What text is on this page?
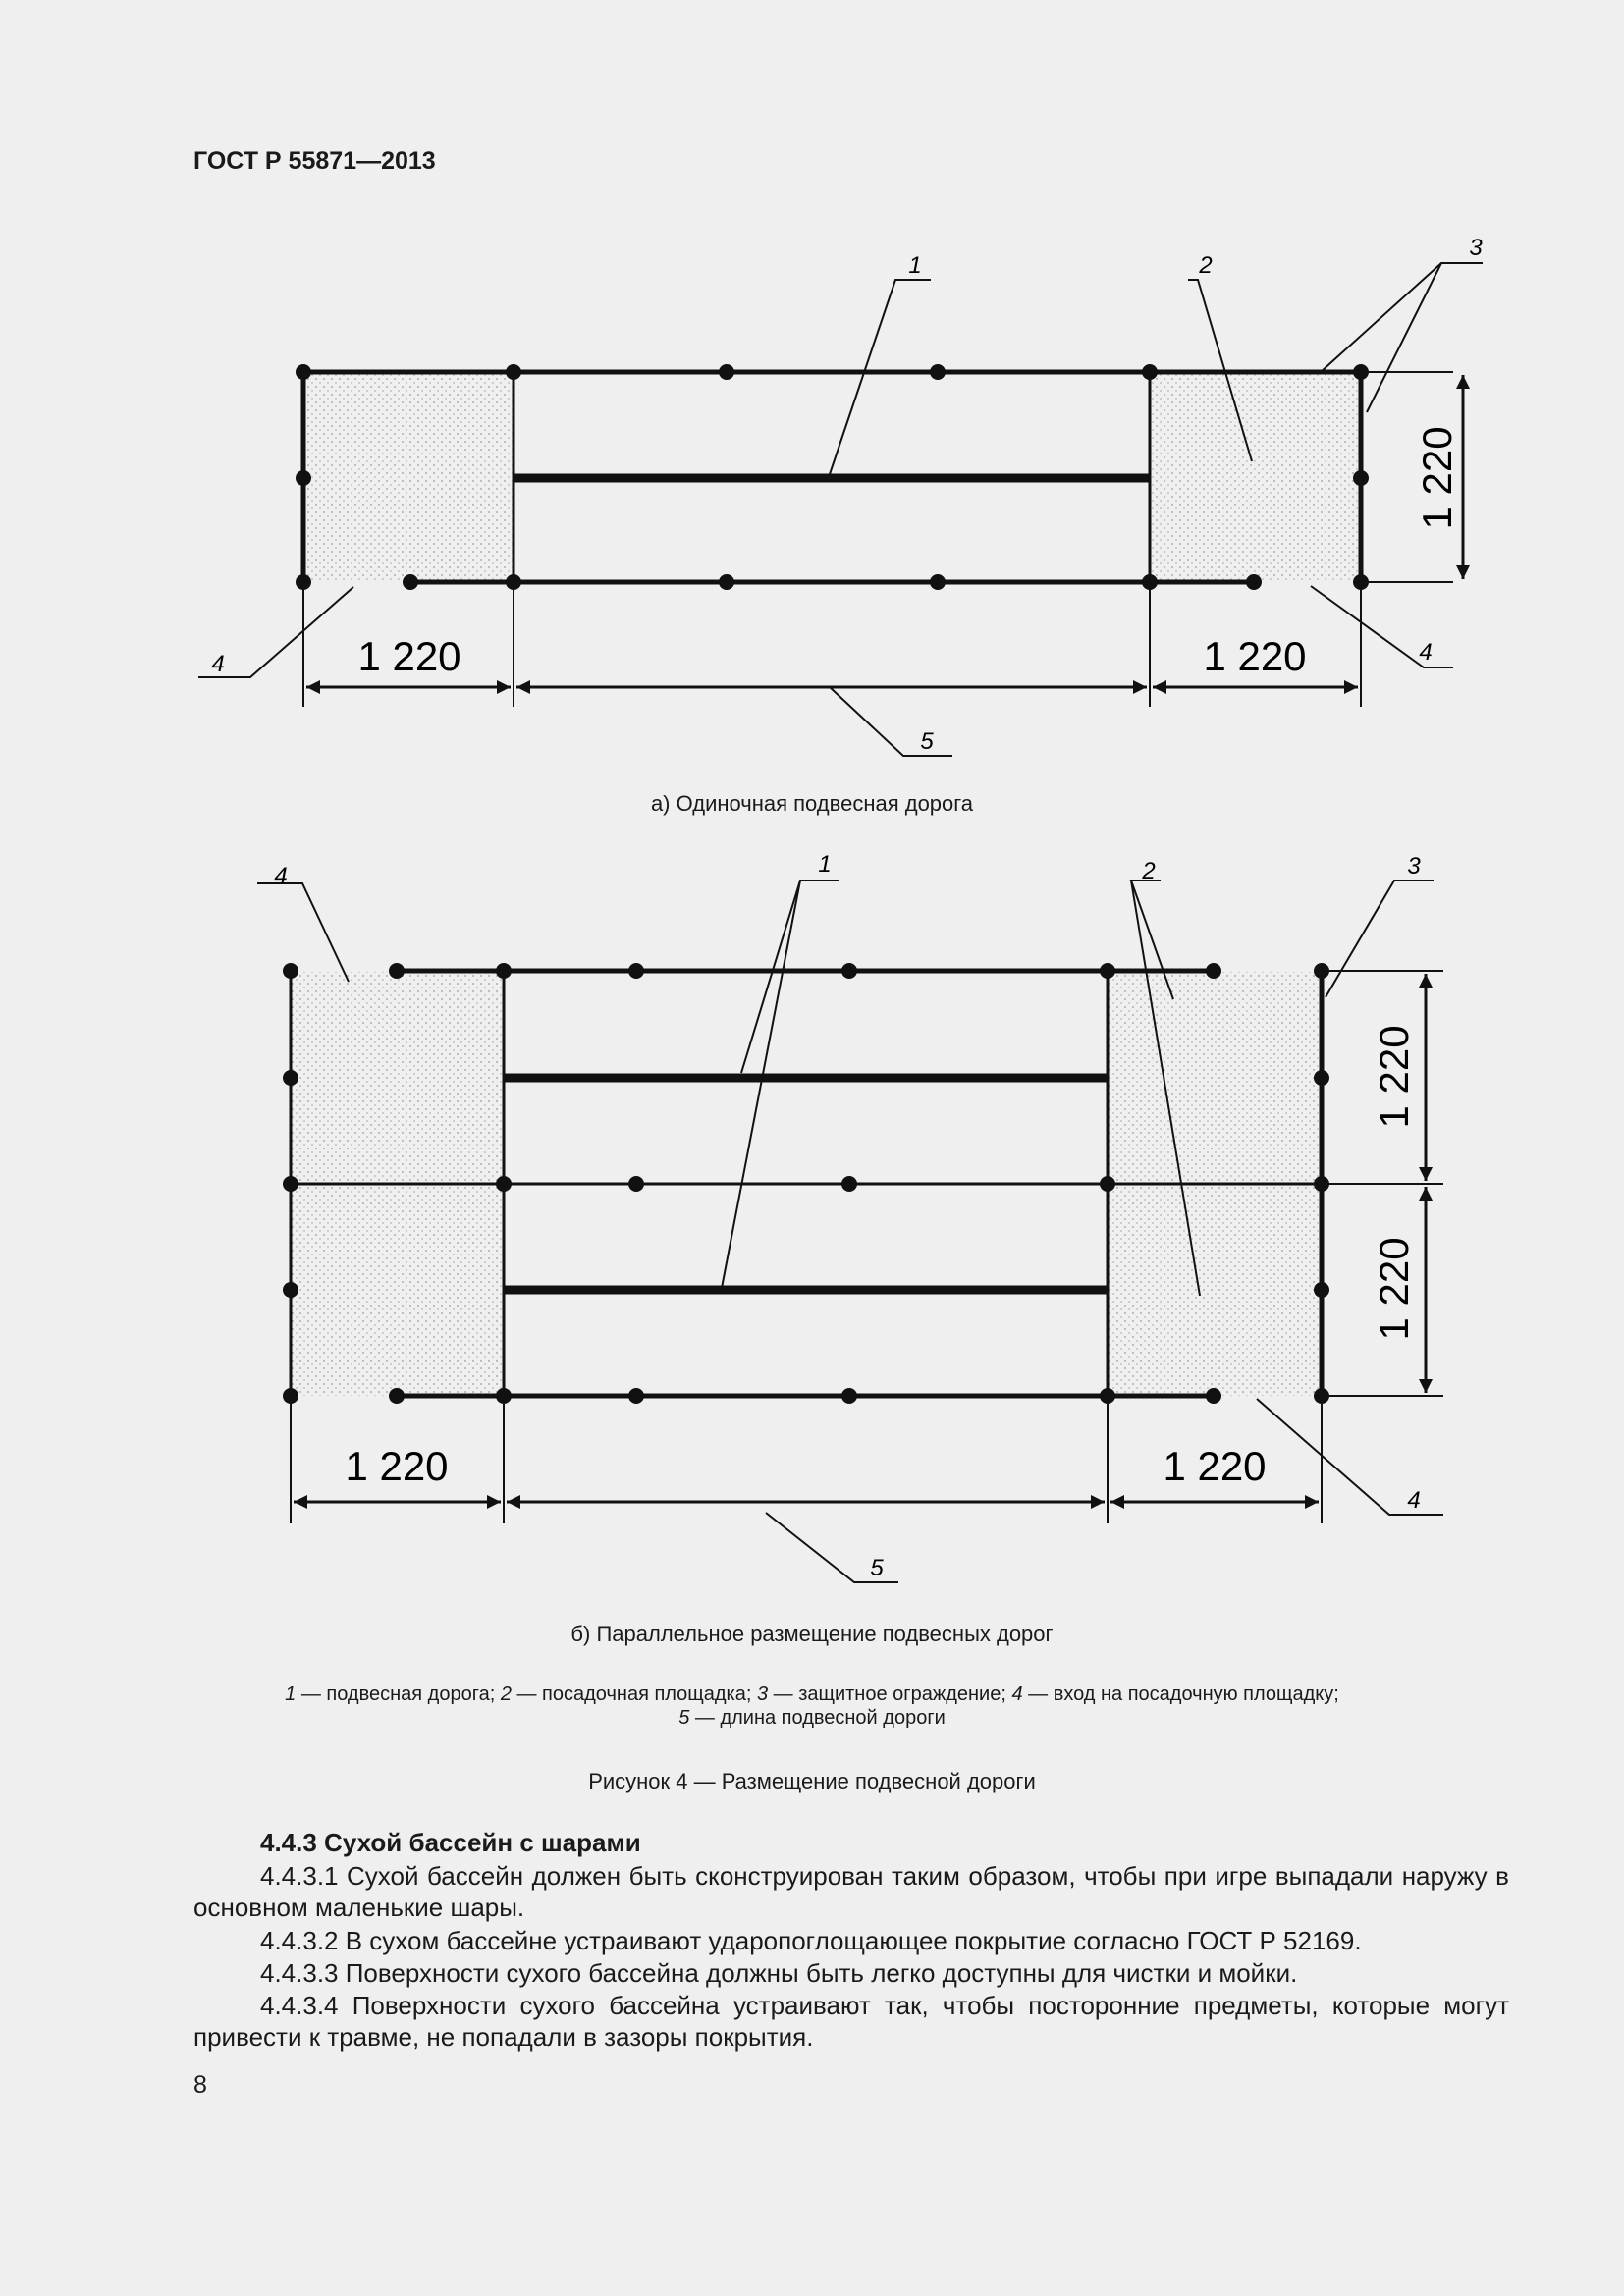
ГОСТ Р 55871—2013
1 220	1 220
1 220
1	2
3
4	4
5
а) Одиночная подвесная дорога
1 220	1 220
1 220
1 220
1	2	3
4
4
5
б) Параллельное размещение подвесных дорог
1 — подвесная дорога; 2 — посадочная площадка; 3 — защитное ограждение; 4 — вход на посадочную площадку;
5 — длина подвесной дороги
Рисунок 4 — Размещение подвесной дороги
4.4.3 Сухой бассейн с шарами
4.4.3.1 Сухой бассейн должен быть сконструирован таким образом, чтобы при игре выпадали наружу в основном маленькие шары.
4.4.3.2 В сухом бассейне устраивают ударопоглощающее покрытие согласно ГОСТ Р 52169.
4.4.3.3 Поверхности сухого бассейна должны быть легко доступны для чистки и мойки.
4.4.3.4 Поверхности сухого бассейна устраивают так, чтобы посторонние предметы, которые могут привести к травме, не попадали в зазоры покрытия.
8
